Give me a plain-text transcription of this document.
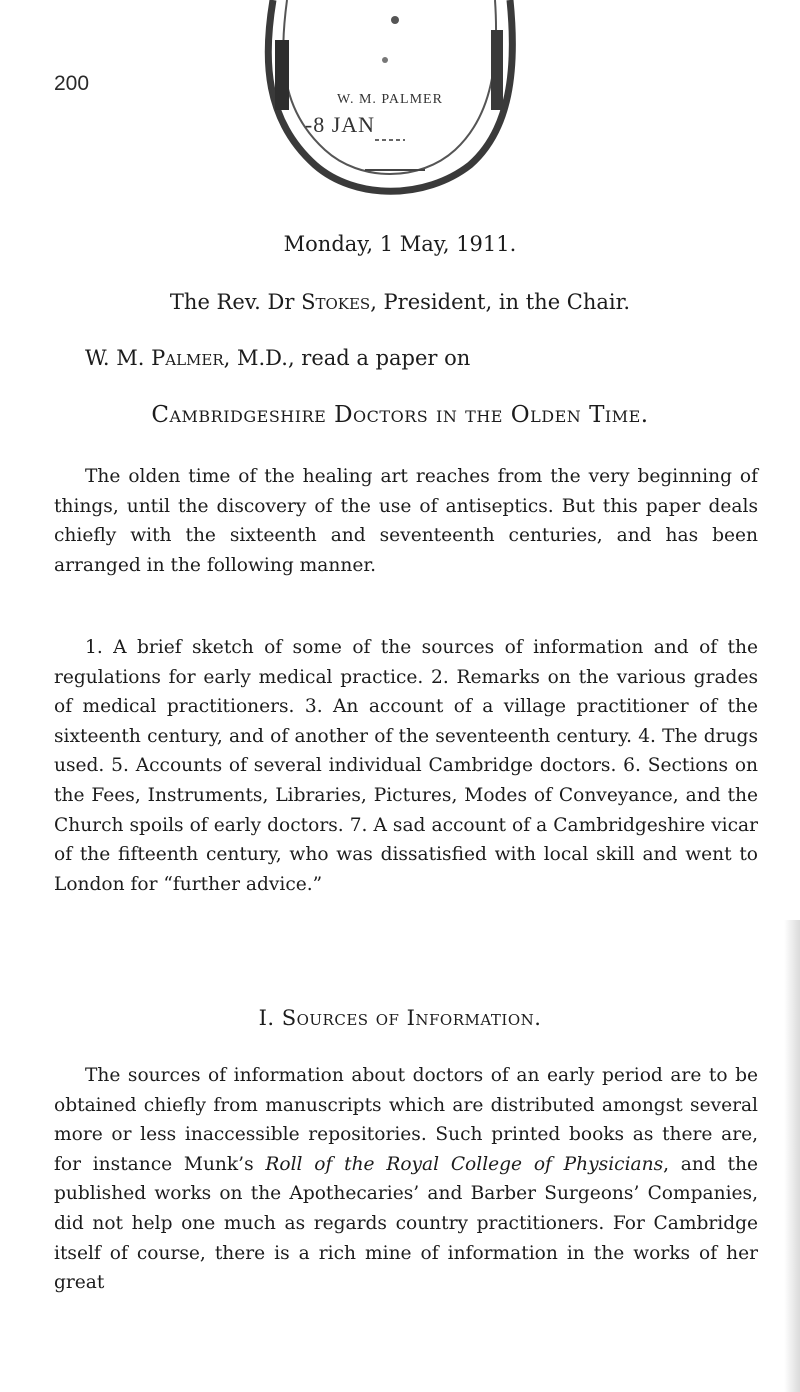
200
W. M. PALMER
-8 JAN
Monday, 1 May, 1911.
The Rev. Dr Stokes, President, in the Chair.
W. M. Palmer, M.D., read a paper on
Cambridgeshire Doctors in the Olden Time.

The olden time of the healing art reaches from the very beginning of things, until the discovery of the use of antiseptics. But this paper deals chiefly with the sixteenth and seventeenth centuries, and has been arranged in the following manner.

1. A brief sketch of some of the sources of information and of the regulations for early medical practice. 2. Remarks on the various grades of medical practitioners. 3. An account of a village practitioner of the sixteenth century, and of another of the seventeenth century. 4. The drugs used. 5. Accounts of several individual Cambridge doctors. 6. Sections on the Fees, Instruments, Libraries, Pictures, Modes of Conveyance, and the Church spoils of early doctors. 7. A sad account of a Cambridgeshire vicar of the fifteenth century, who was dissatisfied with local skill and went to London for “further advice.”

I. Sources of Information.

The sources of information about doctors of an early period are to be obtained chiefly from manuscripts which are distributed amongst several more or less inaccessible repositories. Such printed books as there are, for instance Munk’s Roll of the Royal College of Physicians, and the published works on the Apothecaries’ and Barber Surgeons’ Companies, did not help one much as regards country practitioners. For Cambridge itself of course, there is a rich mine of information in the works of her great
